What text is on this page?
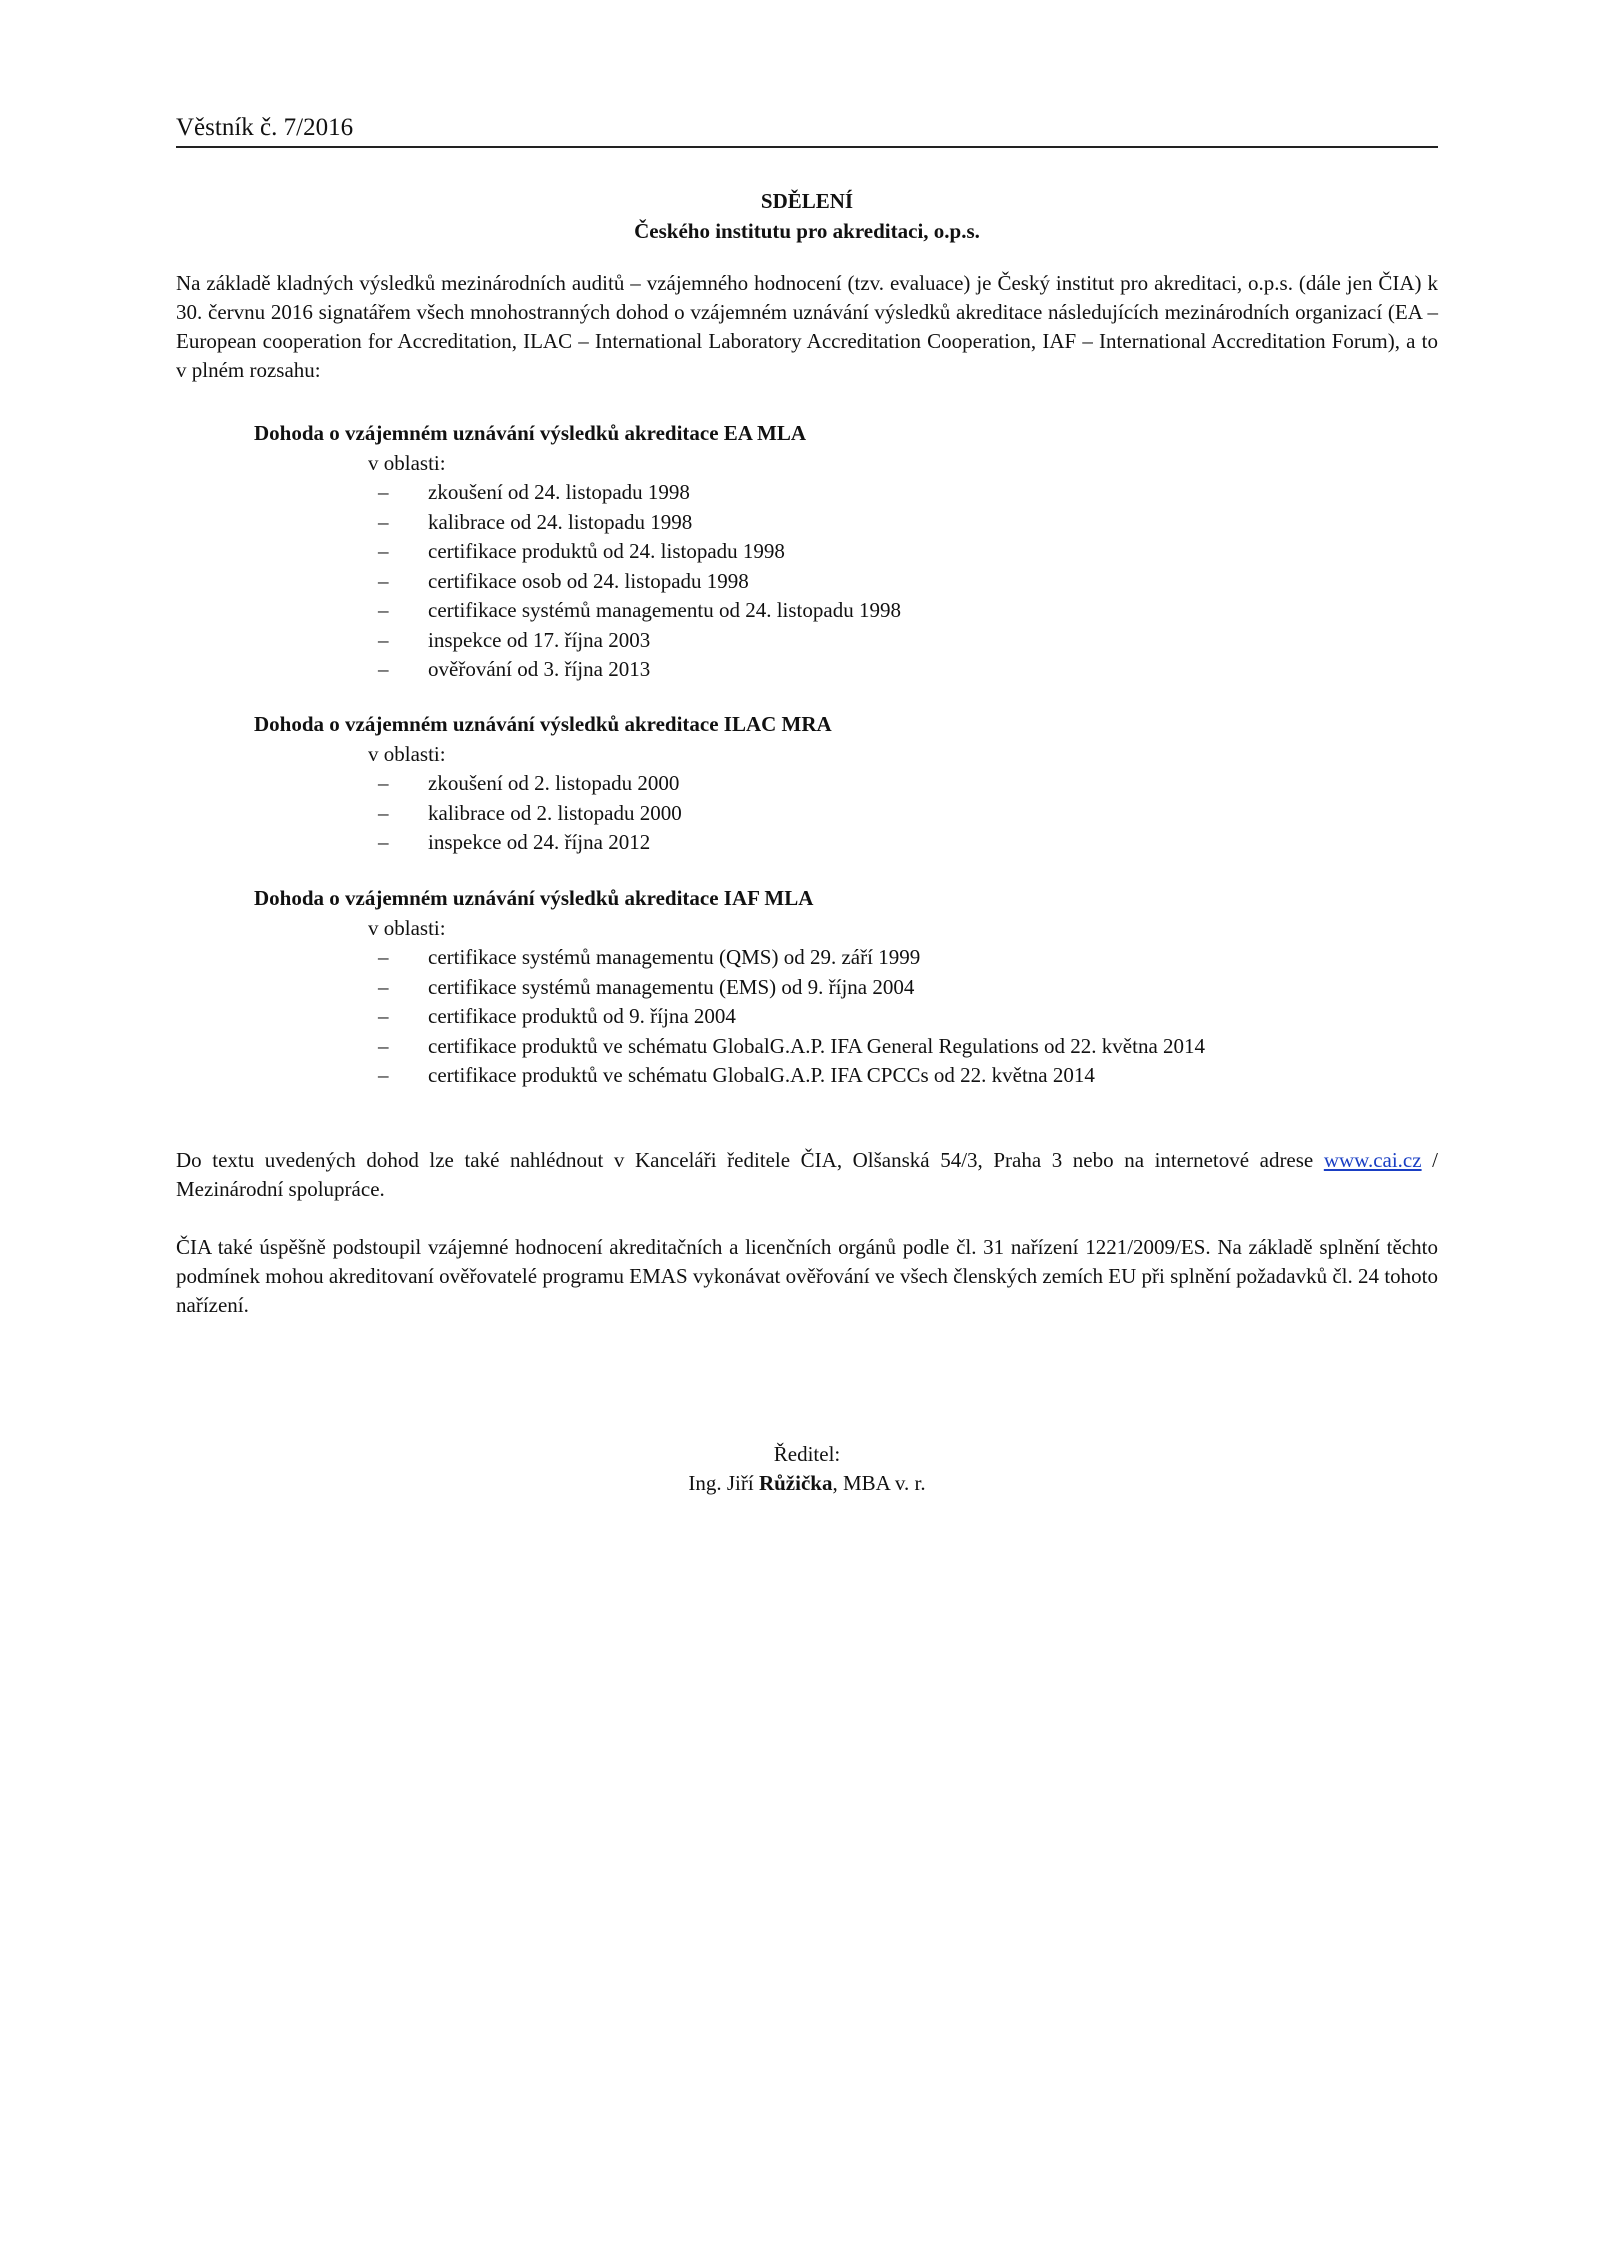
Věstník č. 7/2016
SDĚLENÍ
Českého institutu pro akreditaci, o.p.s.

Na základě kladných výsledků mezinárodních auditů – vzájemného hodnocení (tzv. evaluace) je Český institut pro akreditaci, o.p.s. (dále jen ČIA) k 30. červnu 2016 signatářem všech mnohostranných dohod o vzájemném uznávání výsledků akreditace následujících mezinárodních organizací (EA – European cooperation for Accreditation, ILAC – International Laboratory Accreditation Cooperation, IAF – International Accreditation Forum), a to v plném rozsahu:

Dohoda o vzájemném uznávání výsledků akreditace EA MLA
v oblasti:
– zkoušení od 24. listopadu 1998
– kalibrace od 24. listopadu 1998
– certifikace produktů od 24. listopadu 1998
– certifikace osob od 24. listopadu 1998
– certifikace systémů managementu od 24. listopadu 1998
– inspekce od 17. října 2003
– ověřování od 3. října 2013
Dohoda o vzájemném uznávání výsledků akreditace ILAC MRA
v oblasti:
– zkoušení od 2. listopadu 2000
– kalibrace od 2. listopadu 2000
– inspekce od 24. října 2012
Dohoda o vzájemném uznávání výsledků akreditace IAF MLA
v oblasti:
– certifikace systémů managementu (QMS) od 29. září 1999
– certifikace systémů managementu (EMS) od 9. října 2004
– certifikace produktů od 9. října 2004
– certifikace produktů ve schématu GlobalG.A.P. IFA General Regulations od 22. května 2014
– certifikace produktů ve schématu GlobalG.A.P. IFA CPCCs od 22. května 2014

Do textu uvedených dohod lze také nahlédnout v Kanceláři ředitele ČIA, Olšanská 54/3, Praha 3 nebo na internetové adrese www.cai.cz / Mezinárodní spolupráce.

ČIA také úspěšně podstoupil vzájemné hodnocení akreditačních a licenčních orgánů podle čl. 31 nařízení 1221/2009/ES. Na základě splnění těchto podmínek mohou akreditovaní ověřovatelé programu EMAS vykonávat ověřování ve všech členských zemích EU při splnění požadavků čl. 24 tohoto nařízení.

Ředitel:
Ing. Jiří Růžička, MBA v. r.
